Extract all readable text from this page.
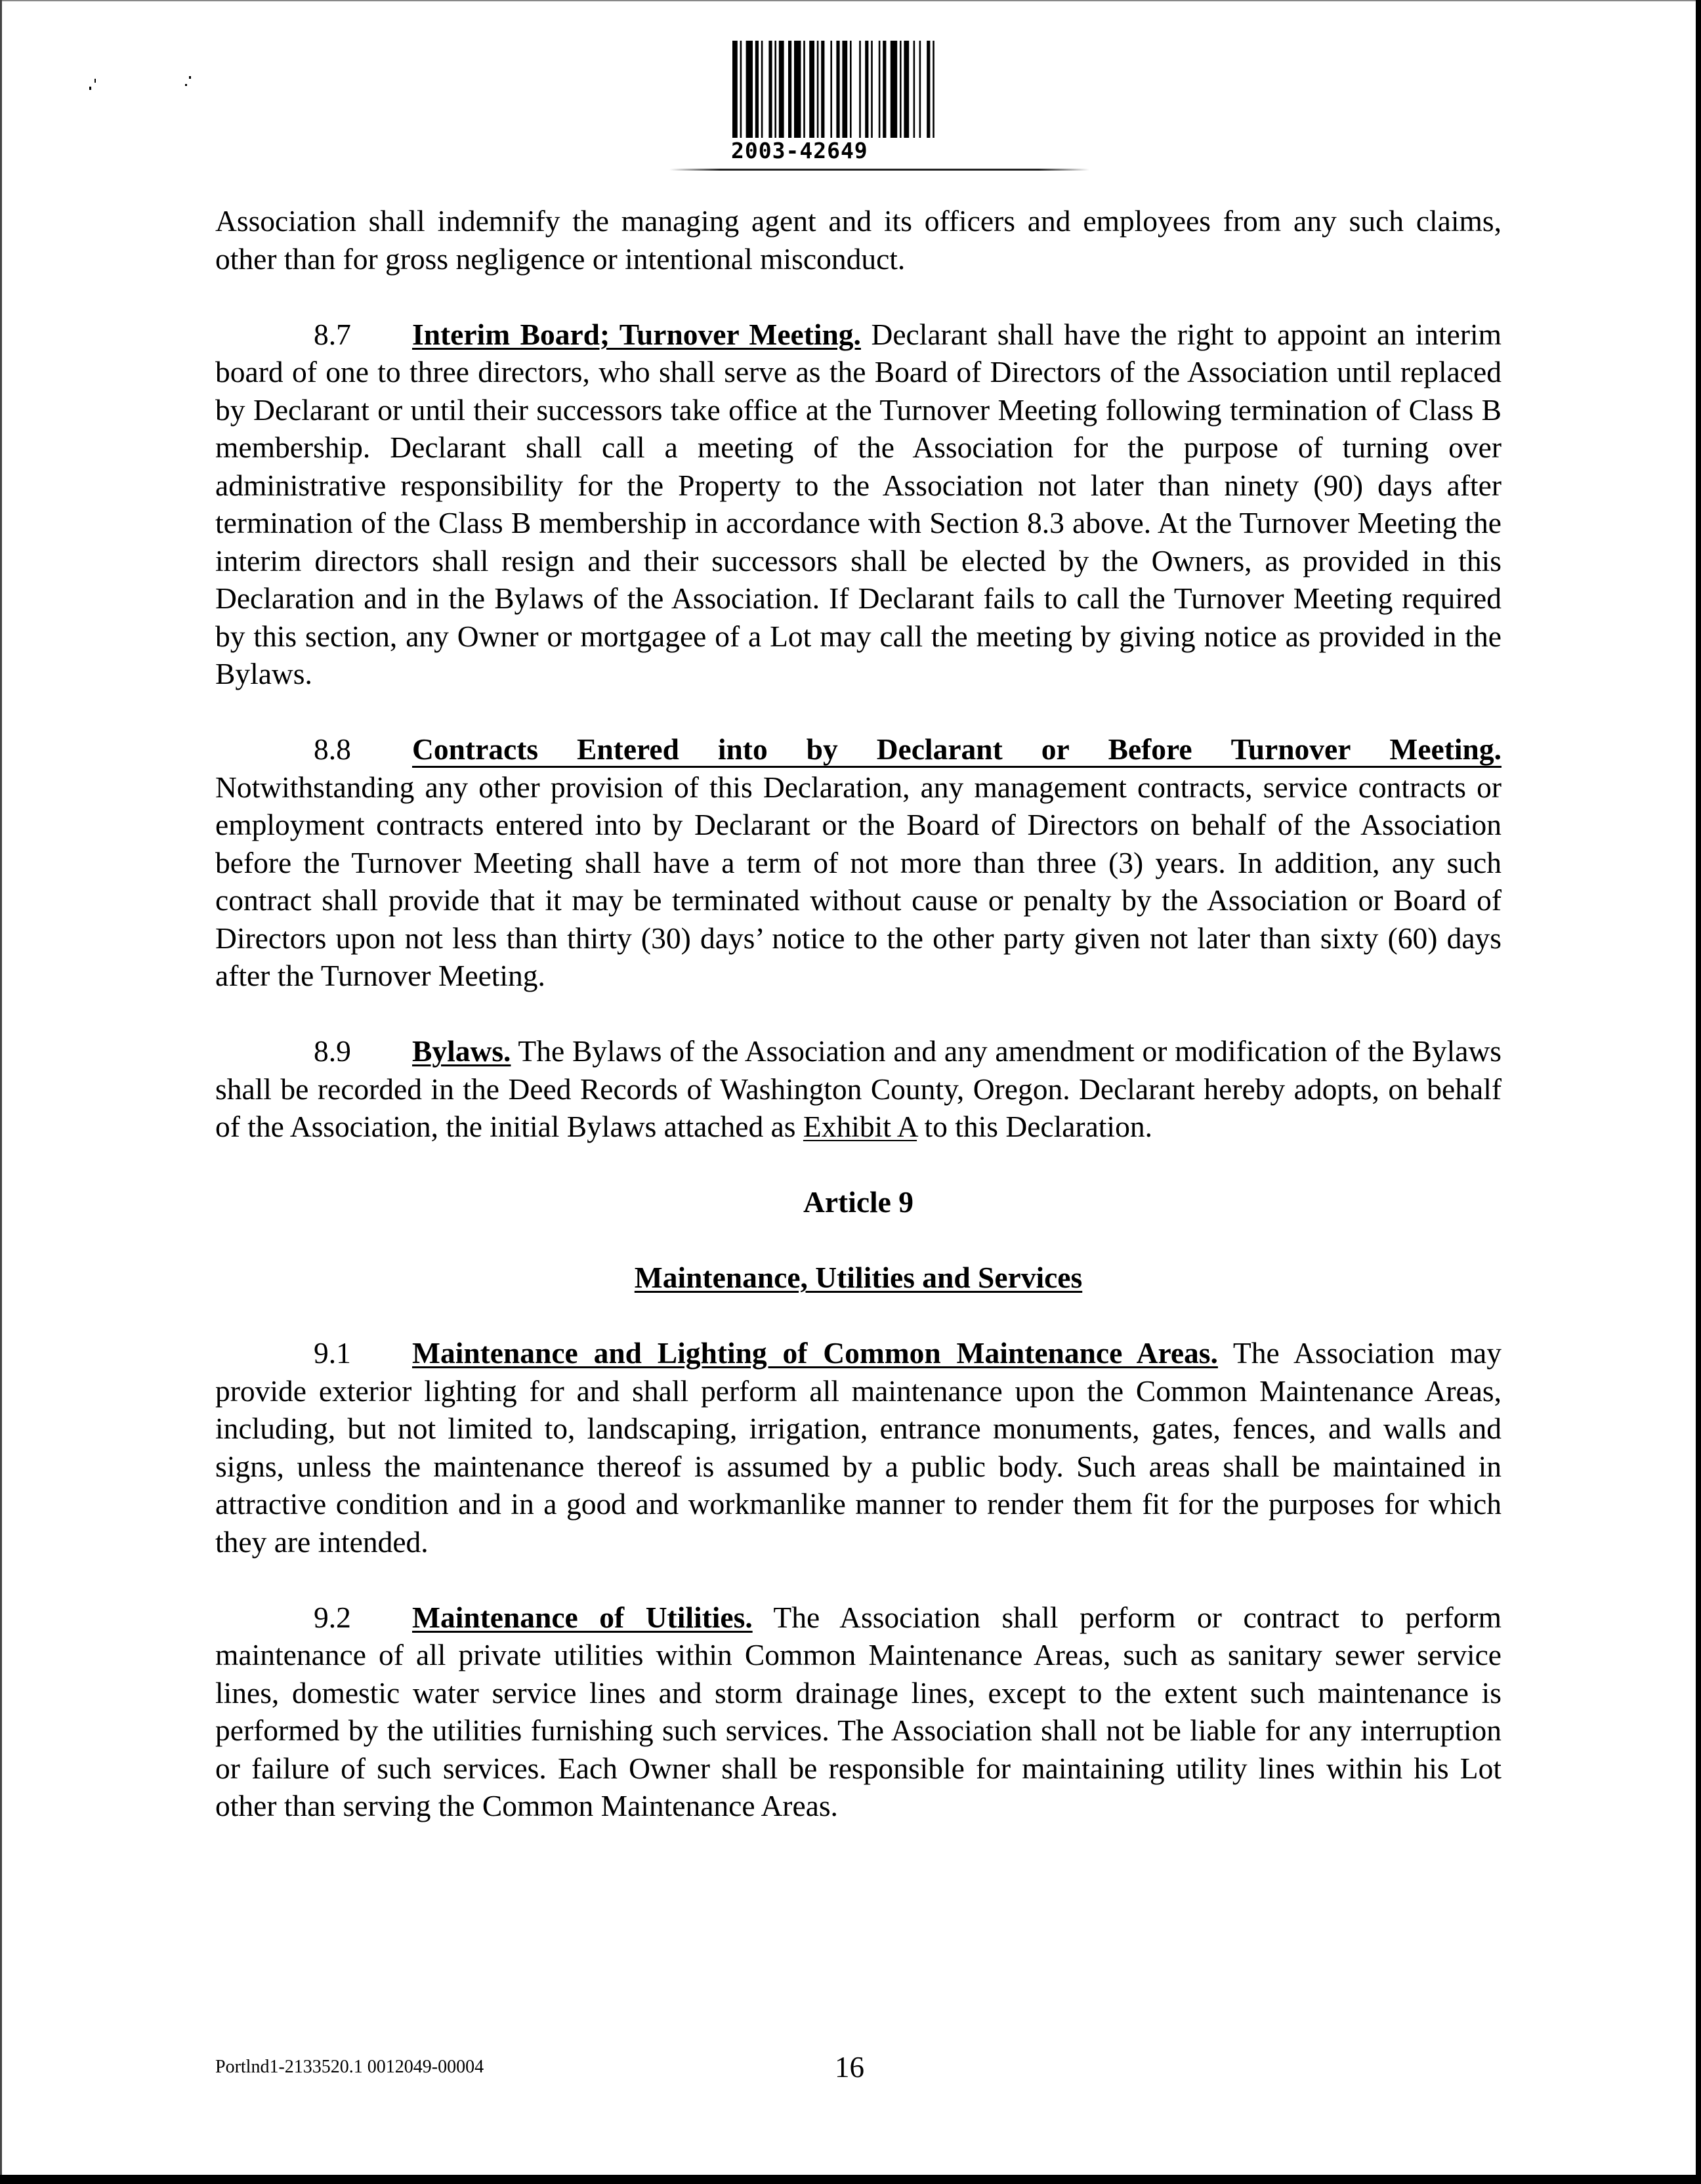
2003-42649

Association shall indemnify the managing agent and its officers and employees from any such claims, other than for gross negligence or intentional misconduct.

8.7 Interim Board; Turnover Meeting. Declarant shall have the right to appoint an interim board of one to three directors, who shall serve as the Board of Directors of the Association until replaced by Declarant or until their successors take office at the Turnover Meeting following termination of Class B membership. Declarant shall call a meeting of the Association for the purpose of turning over administrative responsibility for the Property to the Association not later than ninety (90) days after termination of the Class B membership in accordance with Section 8.3 above. At the Turnover Meeting the interim directors shall resign and their successors shall be elected by the Owners, as provided in this Declaration and in the Bylaws of the Association. If Declarant fails to call the Turnover Meeting required by this section, any Owner or mortgagee of a Lot may call the meeting by giving notice as provided in the Bylaws.

8.8	Contracts Entered into by Declarant or Before Turnover Meeting.

Notwithstanding any other provision of this Declaration, any management contracts, service contracts or employment contracts entered into by Declarant or the Board of Directors on behalf of the Association before the Turnover Meeting shall have a term of not more than three (3) years. In addition, any such contract shall provide that it may be terminated without cause or penalty by the Association or Board of Directors upon not less than thirty (30) days’ notice to the other party given not later than sixty (60) days after the Turnover Meeting.

8.9 Bylaws. The Bylaws of the Association and any amendment or modification of the Bylaws shall be recorded in the Deed Records of Washington County, Oregon. Declarant hereby adopts, on behalf of the Association, the initial Bylaws attached as Exhibit A to this Declaration.

Article 9
Maintenance, Utilities and Services

9.1 Maintenance and Lighting of Common Maintenance Areas. The Association may provide exterior lighting for and shall perform all maintenance upon the Common Maintenance Areas, including, but not limited to, landscaping, irrigation, entrance monuments, gates, fences, and walls and signs, unless the maintenance thereof is assumed by a public body. Such areas shall be maintained in attractive condition and in a good and workmanlike manner to render them fit for the purposes for which they are intended.

9.2 Maintenance of Utilities. The Association shall perform or contract to perform maintenance of all private utilities within Common Maintenance Areas, such as sanitary sewer service lines, domestic water service lines and storm drainage lines, except to the extent such maintenance is performed by the utilities furnishing such services. The Association shall not be liable for any interruption or failure of such services. Each Owner shall be responsible for maintaining utility lines within his Lot other than serving the Common Maintenance Areas.

Portlnd1-2133520.1 0012049-00004	16
